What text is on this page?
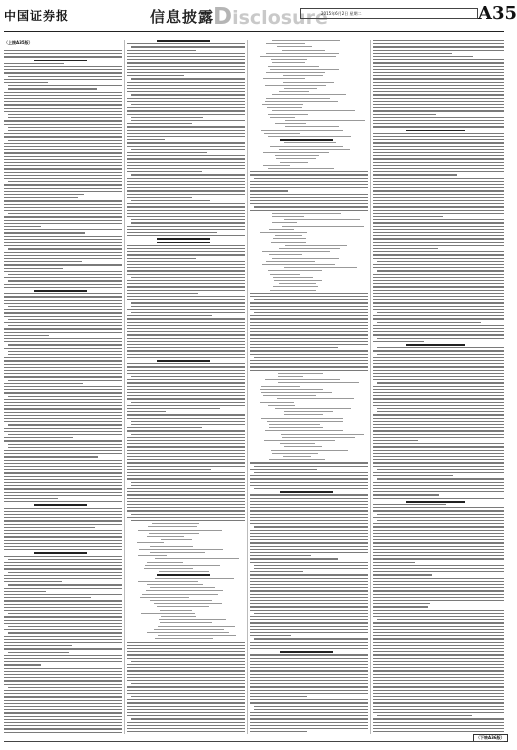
中国证券报	信息披露
Disclosure
2015年6月2日 星期二	A35
（上接A35版）
（下转A36版）
